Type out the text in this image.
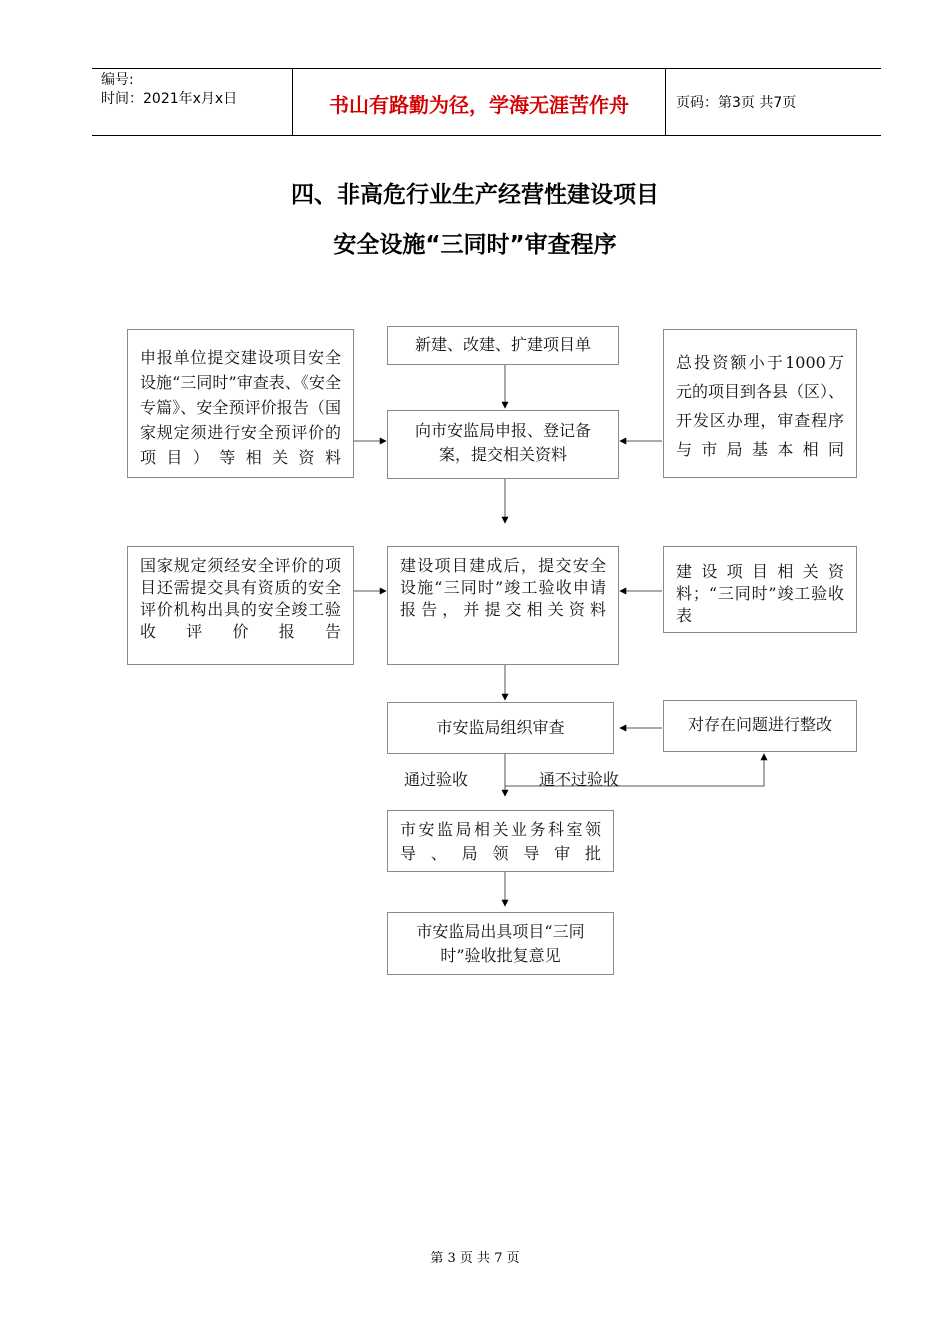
编号:
时间：2021年x月x日	书山有路勤为径，学海无涯苦作舟	页码：第3页 共7页
四、非高危行业生产经营性建设项目
安全设施“三同时”审查程序
新建、改建、扩建项目单
申报单位提交建设项目安全设施“三同时”审查表、《安全专篇》、安全预评价报告（国家规定须进行安全预评价的项目）等相关资料
向市安监局申报、登记备案，提交相关资料
总投资额小于1000万元的项目到各县（区）、开发区办理，审查程序与市局基本相同
国家规定须经安全评价的项目还需提交具有资质的安全评价机构出具的安全竣工验收评价报告
建设项目建成后，提交安全设施“三同时”竣工验收申请报告，并提交相关资料
建设项目相关资料；“三同时”竣工验收表
市安监局组织审查	对存在问题进行整改
通过验收	通不过验收
市安监局相关业务科室领导、局领导审批
市安监局出具项目“三同时”验收批复意见
第 3 页 共 7 页
